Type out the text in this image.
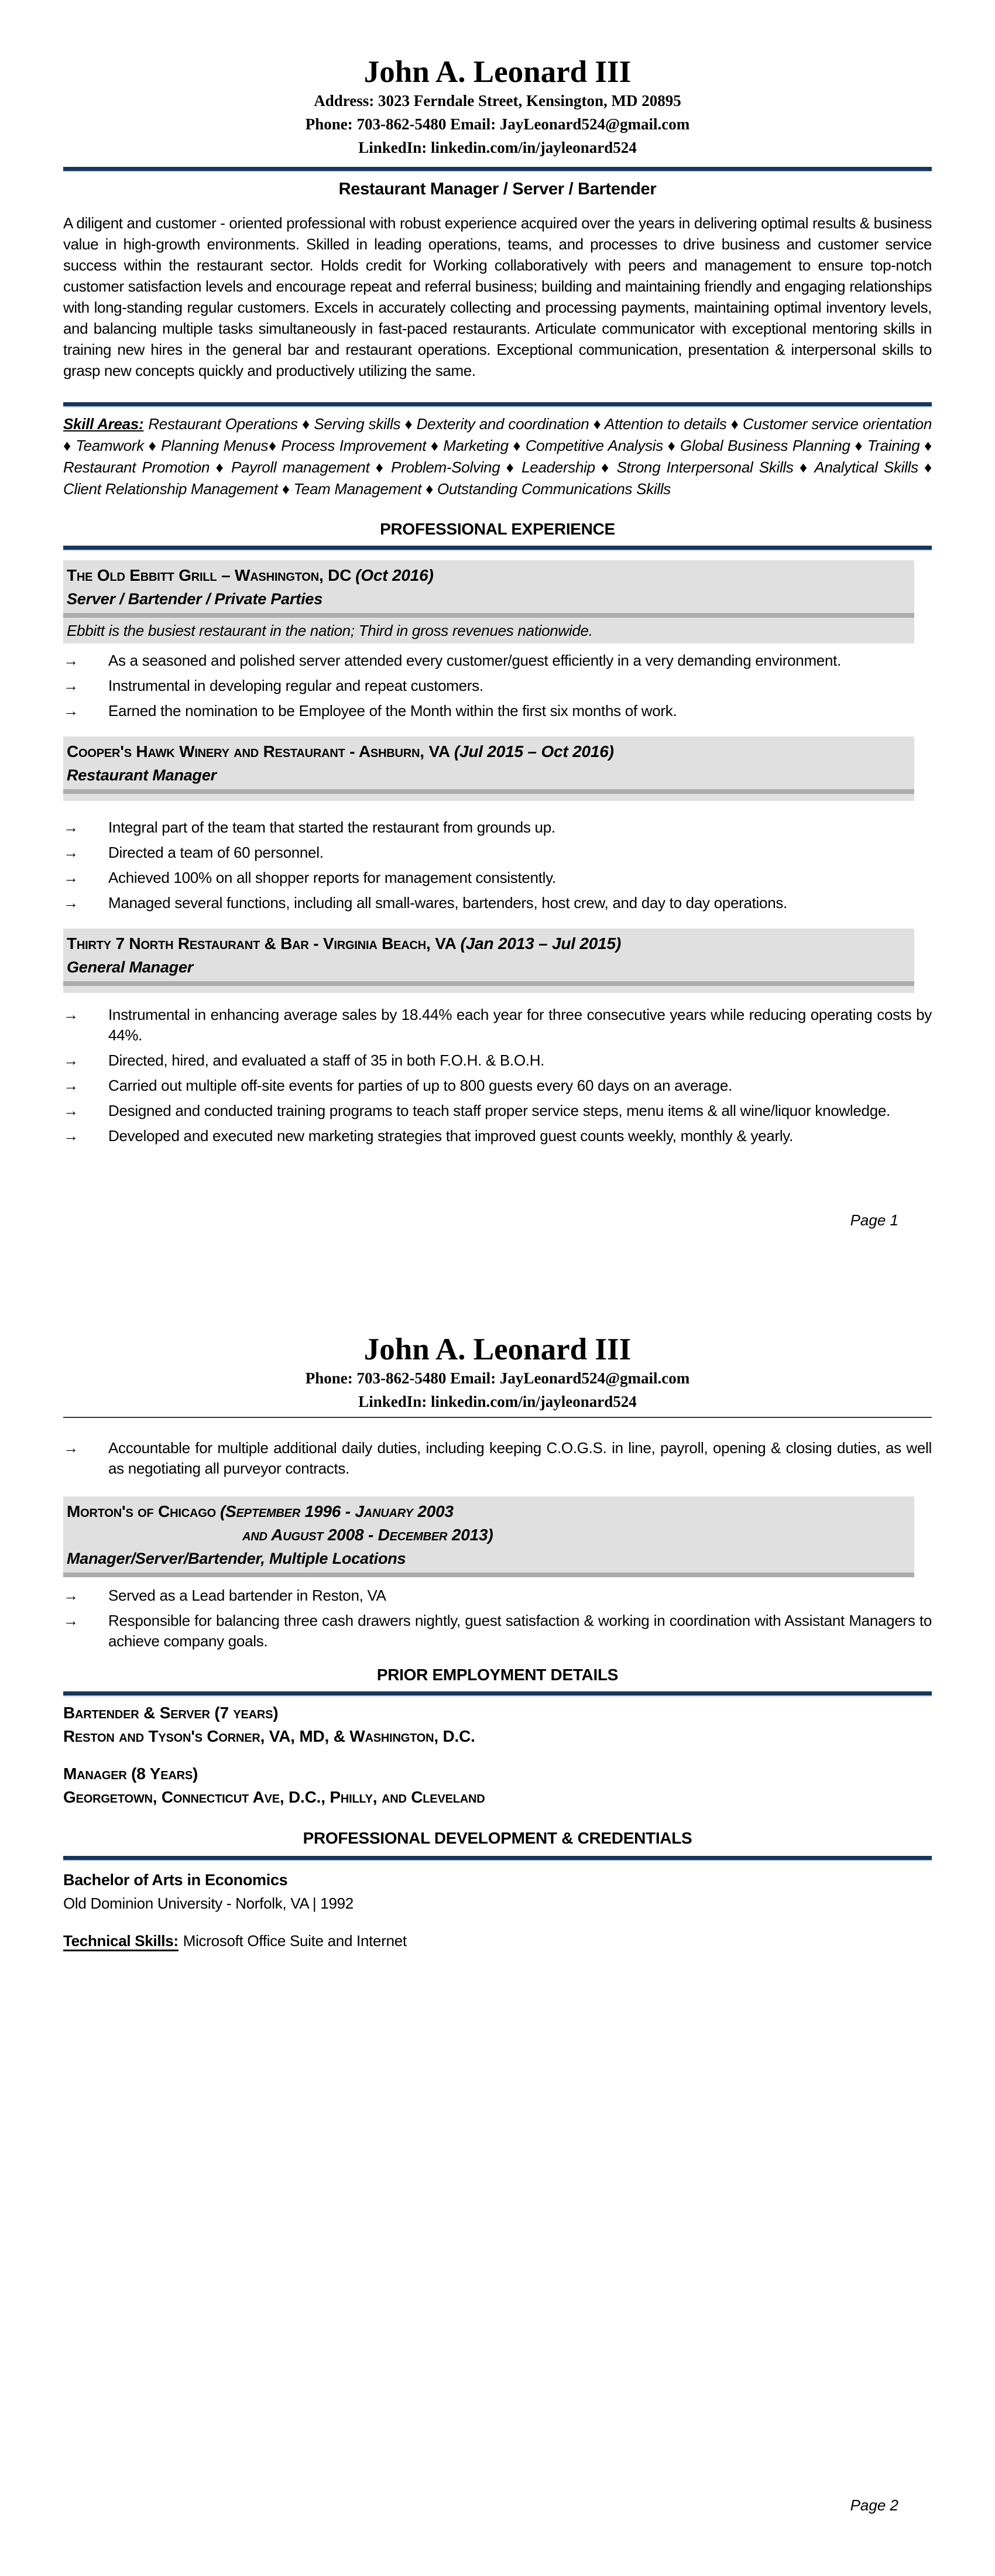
John A. Leonard III
Address: 3023 Ferndale Street, Kensington, MD 20895
Phone: 703-862-5480 Email: JayLeonard524@gmail.com
LinkedIn: linkedin.com/in/jayleonard524
Restaurant Manager / Server / Bartender
A diligent and customer - oriented professional with robust experience acquired over the years in delivering optimal results & business value in high-growth environments. Skilled in leading operations, teams, and processes to drive business and customer service success within the restaurant sector. Holds credit for Working collaboratively with peers and management to ensure top-notch customer satisfaction levels and encourage repeat and referral business; building and maintaining friendly and engaging relationships with long-standing regular customers. Excels in accurately collecting and processing payments, maintaining optimal inventory levels, and balancing multiple tasks simultaneously in fast-paced restaurants. Articulate communicator with exceptional mentoring skills in training new hires in the general bar and restaurant operations. Exceptional communication, presentation & interpersonal skills to grasp new concepts quickly and productively utilizing the same.
Skill Areas: Restaurant Operations ♦ Serving skills ♦ Dexterity and coordination ♦ Attention to details ♦ Customer service orientation ♦ Teamwork ♦ Planning Menus♦ Process Improvement ♦ Marketing ♦ Competitive Analysis ♦ Global Business Planning ♦ Training ♦ Restaurant Promotion ♦ Payroll management ♦ Problem-Solving ♦ Leadership ♦ Strong Interpersonal Skills ♦ Analytical Skills ♦ Client Relationship Management ♦ Team Management ♦ Outstanding Communications Skills
PROFESSIONAL EXPERIENCE
The Old Ebbitt Grill – Washington, DC (Oct 2016)
Server / Bartender / Private Parties
Ebbitt is the busiest restaurant in the nation; Third in gross revenues nationwide.
→	As a seasoned and polished server attended every customer/guest efficiently in a very demanding environment.
→	Instrumental in developing regular and repeat customers.
→	Earned the nomination to be Employee of the Month within the first six months of work.
Cooper's Hawk Winery and Restaurant - Ashburn, VA (Jul 2015 – Oct 2016)
Restaurant Manager
→	Integral part of the team that started the restaurant from grounds up.
→	Directed a team of 60 personnel.
→	Achieved 100% on all shopper reports for management consistently.
→	Managed several functions, including all small-wares, bartenders, host crew, and day to day operations.
Thirty 7 North Restaurant & Bar - Virginia Beach, VA (Jan 2013 – Jul 2015)
General Manager
→	Instrumental in enhancing average sales by 18.44% each year for three consecutive years while reducing operating costs by 44%.
→	Directed, hired, and evaluated a staff of 35 in both F.O.H. & B.O.H.
→	Carried out multiple off-site events for parties of up to 800 guests every 60 days on an average.
→	Designed and conducted training programs to teach staff proper service steps, menu items & all wine/liquor knowledge.
→	Developed and executed new marketing strategies that improved guest counts weekly, monthly & yearly.
Page 1
John A. Leonard III
Phone: 703-862-5480 Email: JayLeonard524@gmail.com
LinkedIn: linkedin.com/in/jayleonard524
→	Accountable for multiple additional daily duties, including keeping C.O.G.S. in line, payroll, opening & closing duties, as well as negotiating all purveyor contracts.
Morton's of Chicago (September 1996 - January 2003
and August 2008 - December 2013)
Manager/Server/Bartender, Multiple Locations
→	Served as a Lead bartender in Reston, VA
→	Responsible for balancing three cash drawers nightly, guest satisfaction & working in coordination with Assistant Managers to achieve company goals.
PRIOR EMPLOYMENT DETAILS
Bartender & Server (7 years)
Reston and Tyson's Corner, VA, MD, & Washington, D.C.
Manager (8 Years)
Georgetown, Connecticut Ave, D.C., Philly, and Cleveland
PROFESSIONAL DEVELOPMENT & CREDENTIALS
Bachelor of Arts in Economics
Old Dominion University - Norfolk, VA | 1992
Technical Skills: Microsoft Office Suite and Internet
Page 2
